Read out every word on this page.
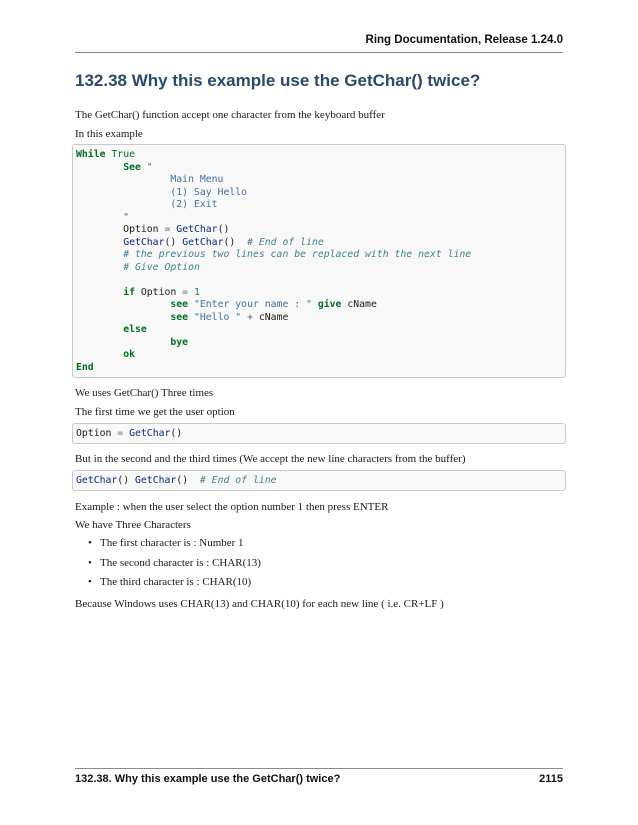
Ring Documentation, Release 1.24.0
132.38 Why this example use the GetChar() twice?

The GetChar() function accept one character from the keyboard buffer

In this example

While True
See "
Main Menu
(1) Say Hello
(2) Exit
"
Option = GetChar()
GetChar() GetChar()  # End of line
# the previous two lines can be replaced with the next line
# Give Option
if Option = 1
see "Enter your name : " give cName
see "Hello " + cName
else
bye
ok
End

We uses GetChar() Three times

The first time we get the user option

Option = GetChar()

But in the second and the third times (We accept the new line characters from the buffer)

GetChar() GetChar()  # End of line

Example : when the user select the option number 1 then press ENTER

We have Three Characters

• The first character is : Number 1
• The second character is : CHAR(13)
• The third character is : CHAR(10)

Because Windows uses CHAR(13) and CHAR(10) for each new line ( i.e. CR+LF )

132.38. Why this example use the GetChar() twice?	2115
